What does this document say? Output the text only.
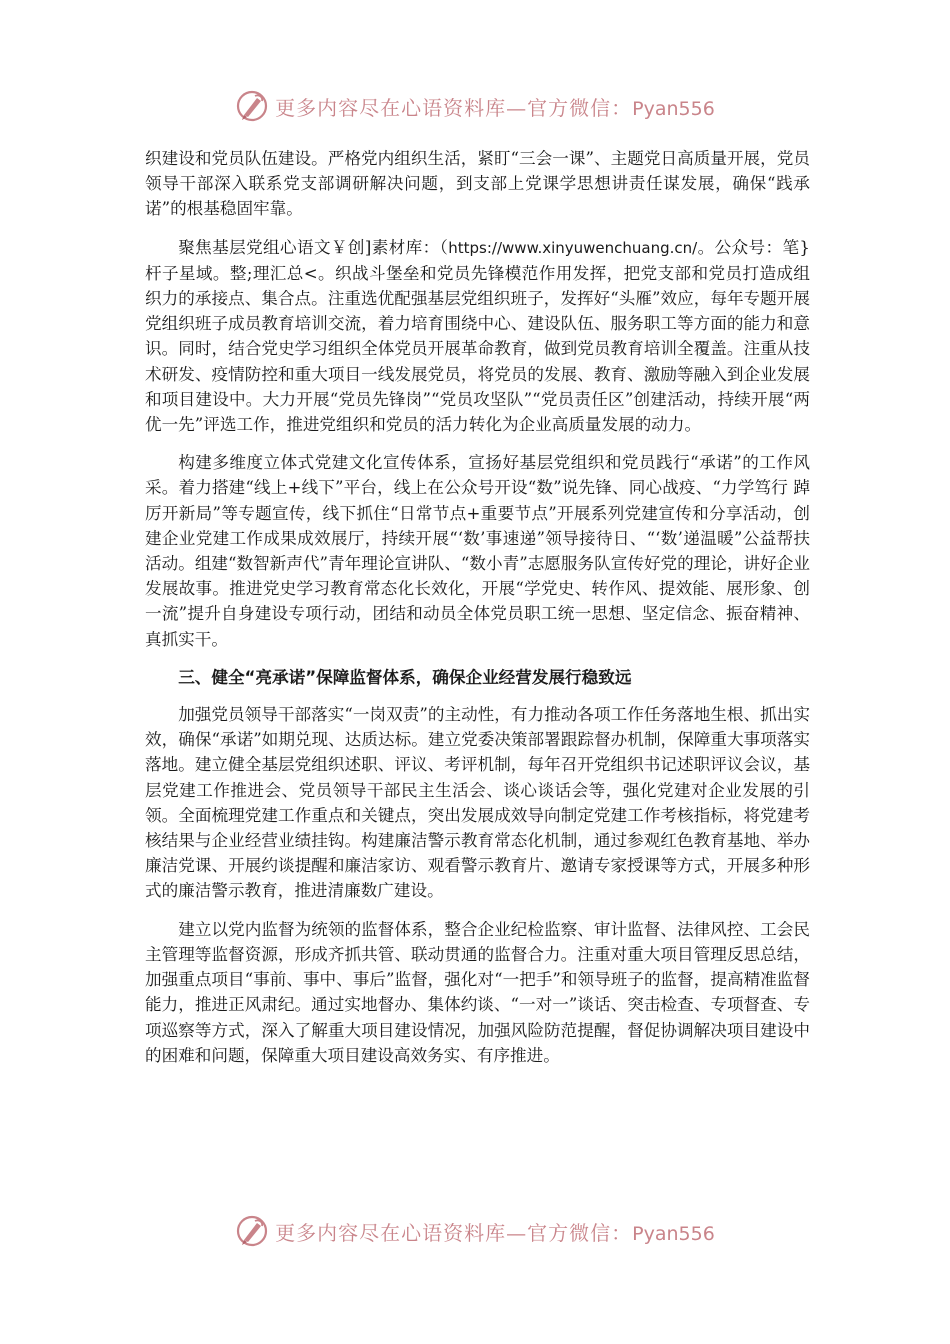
更多内容尽在心语资料库—官方微信：Pyan556

织建设和党员队伍建设。严格党内组织生活，紧盯“三会一课”、主题党日高质量开展，党员领导干部深入联系党支部调研解决问题，到支部上党课学思想讲责任谋发展，确保“践承诺”的根基稳固牢靠。

聚焦基层党组心语文￥创]素材库：（https://www.xinyuwenchuang.cn/。公众号：笔}杆子星域。整;理汇总<。织战斗堡垒和党员先锋模范作用发挥，把党支部和党员打造成组织力的承接点、集合点。注重选优配强基层党组织班子，发挥好“头雁”效应，每年专题开展党组织班子成员教育培训交流，着力培育围绕中心、建设队伍、服务职工等方面的能力和意识。同时，结合党史学习组织全体党员开展革命教育，做到党员教育培训全覆盖。注重从技术研发、疫情防控和重大项目一线发展党员，将党员的发展、教育、激励等融入到企业发展和项目建设中。大力开展“党员先锋岗”“党员攻坚队”“党员责任区”创建活动，持续开展“两优一先”评选工作，推进党组织和党员的活力转化为企业高质量发展的动力。

构建多维度立体式党建文化宣传体系，宣扬好基层党组织和党员践行“承诺”的工作风采。着力搭建“线上+线下”平台，线上在公众号开设“数”说先锋、同心战疫、“力学笃行 踔厉开新局”等专题宣传，线下抓住“日常节点+重要节点”开展系列党建宣传和分享活动，创建企业党建工作成果成效展厅，持续开展“‘数’事速递”领导接待日、“‘数’递温暖”公益帮扶活动。组建“数智新声代”青年理论宣讲队、“数小青”志愿服务队宣传好党的理论，讲好企业发展故事。推进党史学习教育常态化长效化，开展“学党史、转作风、提效能、展形象、创一流”提升自身建设专项行动，团结和动员全体党员职工统一思想、坚定信念、振奋精神、真抓实干。

三、健全“亮承诺”保障监督体系，确保企业经营发展行稳致远

加强党员领导干部落实“一岗双责”的主动性，有力推动各项工作任务落地生根、抓出实效，确保“承诺”如期兑现、达质达标。建立党委决策部署跟踪督办机制，保障重大事项落实落地。建立健全基层党组织述职、评议、考评机制，每年召开党组织书记述职评议会议，基层党建工作推进会、党员领导干部民主生活会、谈心谈话会等，强化党建对企业发展的引领。全面梳理党建工作重点和关键点，突出发展成效导向制定党建工作考核指标，将党建考核结果与企业经营业绩挂钩。构建廉洁警示教育常态化机制，通过参观红色教育基地、举办廉洁党课、开展约谈提醒和廉洁家访、观看警示教育片、邀请专家授课等方式，开展多种形式的廉洁警示教育，推进清廉数广建设。

建立以党内监督为统领的监督体系，整合企业纪检监察、审计监督、法律风控、工会民主管理等监督资源，形成齐抓共管、联动贯通的监督合力。注重对重大项目管理反思总结，加强重点项目“事前、事中、事后”监督，强化对“一把手”和领导班子的监督，提高精准监督能力，推进正风肃纪。通过实地督办、集体约谈、“一对一”谈话、突击检查、专项督查、专项巡察等方式，深入了解重大项目建设情况，加强风险防范提醒，督促协调解决项目建设中的困难和问题，保障重大项目建设高效务实、有序推进。

更多内容尽在心语资料库—官方微信：Pyan556
